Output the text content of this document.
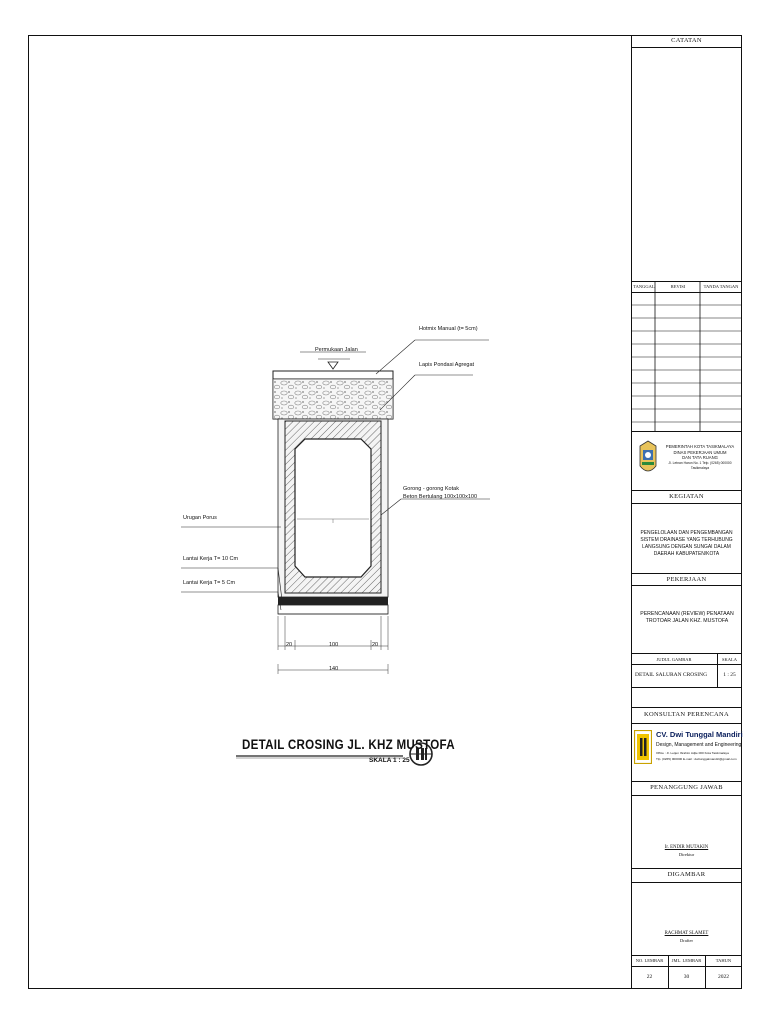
Permukaan Jalan
Hotmix Manual (t= 5cm)
Lapis Pondasi Agregat
Gorong - gorong Kotak
Beton Bertulang 100x100x100
Urugan Porus
Lantai Kerja T= 10 Cm
Lantai Kerja T= 5 Cm
20	100	20
140
DETAIL CROSING JL. KHZ MUSTOFA
SKALA 1 : 25
CATATAN
TANGGAL	REVISI	TANDA TANGAN
PEMERINTAH KOTA TASIKMALAYA
DINAS PEKERJAAN UMUM
DAN TATA RUANG
Jl. Letnan Harun No. 1 Telp. (0265) 000000 Tasikmalaya
KEGIATAN
PENGELOLAAN DAN PENGEMBANGAN SISTEM DRAINASE YANG TERHUBUNG LANGSUNG DENGAN SUNGAI DALAM DAERAH KABUPATEN/KOTA
PEKERJAAN
PERENCANAAN (REVIEW) PENATAAN TROTOAR JALAN KHZ. MUSTOFA
JUDUL GAMBAR	SKALA
DETAIL SALURAN CROSING	1 : 25
KONSULTAN PERENCANA
CV. Dwi Tunggal Mandiri
Design, Management and Engineering
Office : Jl. Letjen Ibrahim Adjie 000 Kota Tasikmalaya
Tlp. (0265) 000000 E-mail : dwitunggalmandiri@gmail.com
PENANGGUNG JAWAB
Ir. ENDIR MUTAKIN
Direktur
DIGAMBAR
RACHMAT SLAMET
Drafter
NO. LEMBAR	JML. LEMBAR	TAHUN
22	30	2022
